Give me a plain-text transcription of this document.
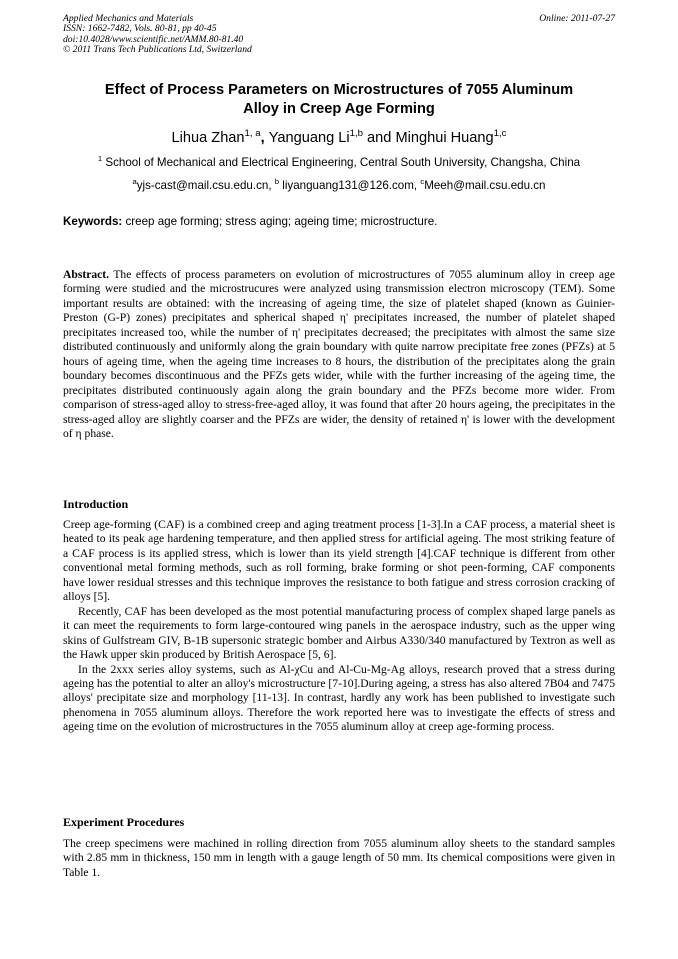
Applied Mechanics and Materials
ISSN: 1662-7482, Vols. 80-81, pp 40-45
doi:10.4028/www.scientific.net/AMM.80-81.40
© 2011 Trans Tech Publications Ltd, Switzerland
Online: 2011-07-27
Effect of Process Parameters on Microstructures of 7055 Aluminum
Alloy in Creep Age Forming
Lihua Zhan$^{1, a}$, Yanguang Li$^{1,b}$ and Minghui Huang$^{1,c}$
$^1$ School of Mechanical and Electrical Engineering, Central South University, Changsha, China
$^a$yjs-cast@mail.csu.edu.cn, $^b$ liyanguang131@126.com, $^c$Meeh@mail.csu.edu.cn
Keywords: creep age forming; stress aging; ageing time; microstructure.
Abstract. The effects of process parameters on evolution of microstructures of 7055 aluminum alloy in creep age forming were studied and the microstrucures were analyzed using transmission electron microscopy (TEM). Some important results are obtained: with the increasing of ageing time, the size of platelet shaped (known as Guinier-Preston (G-P) zones) precipitates and spherical shaped η' precipitates increased, the number of platelet shaped precipitates increased too, while the number of η' precipitates decreased; the precipitates with almost the same size distributed continuously and uniformly along the grain boundary with quite narrow precipitate free zones (PFZs) at 5 hours of ageing time, when the ageing time increases to 8 hours, the distribution of the precipitates along the grain boundary becomes discontinuous and the PFZs gets wider, while with the further increasing of the ageing time, the precipitates distributed continuously again along the grain boundary and the PFZs become more wider. From comparison of stress-aged alloy to stress-free-aged alloy, it was found that after 20 hours ageing, the precipitates in the stress-aged alloy are slightly coarser and the PFZs are wider, the density of retained η' is lower with the development of η phase.
Introduction

Creep age-forming (CAF) is a combined creep and aging treatment process [1-3].In a CAF process, a material sheet is heated to its peak age hardening temperature, and then applied stress for artificial ageing. The most striking feature of a CAF process is its applied stress, which is lower than its yield strength [4].CAF technique is different from other conventional metal forming methods, such as roll forming, brake forming or shot peen-forming, CAF components have lower residual stresses and this technique improves the resistance to both fatigue and stress corrosion cracking of alloys [5].

Recently, CAF has been developed as the most potential manufacturing process of complex shaped large panels as it can meet the requirements to form large-contoured wing panels in the aerospace industry, such as the upper wing skins of Gulfstream GIV, B-1B supersonic strategic bomber and Airbus A330/340 manufactured by Textron as well as the Hawk upper skin produced by British Aerospace [5, 6].

In the 2xxx series alloy systems, such as Al-χCu and Al-Cu-Mg-Ag alloys, research proved that a stress during ageing has the potential to alter an alloy's microstructure [7-10].During ageing, a stress has also altered 7B04 and 7475 alloys' precipitate size and morphology [11-13]. In contrast, hardly any work has been published to investigate such phenomena in 7055 aluminum alloys. Therefore the work reported here was to investigate the effects of stress and ageing time on the evolution of microstructures in the 7055 aluminum alloy at creep age-forming process.

Experiment Procedures

The creep specimens were machined in rolling direction from 7055 aluminum alloy sheets to the standard samples with 2.85 mm in thickness, 150 mm in length with a gauge length of 50 mm. Its chemical compositions were given in Table 1.
